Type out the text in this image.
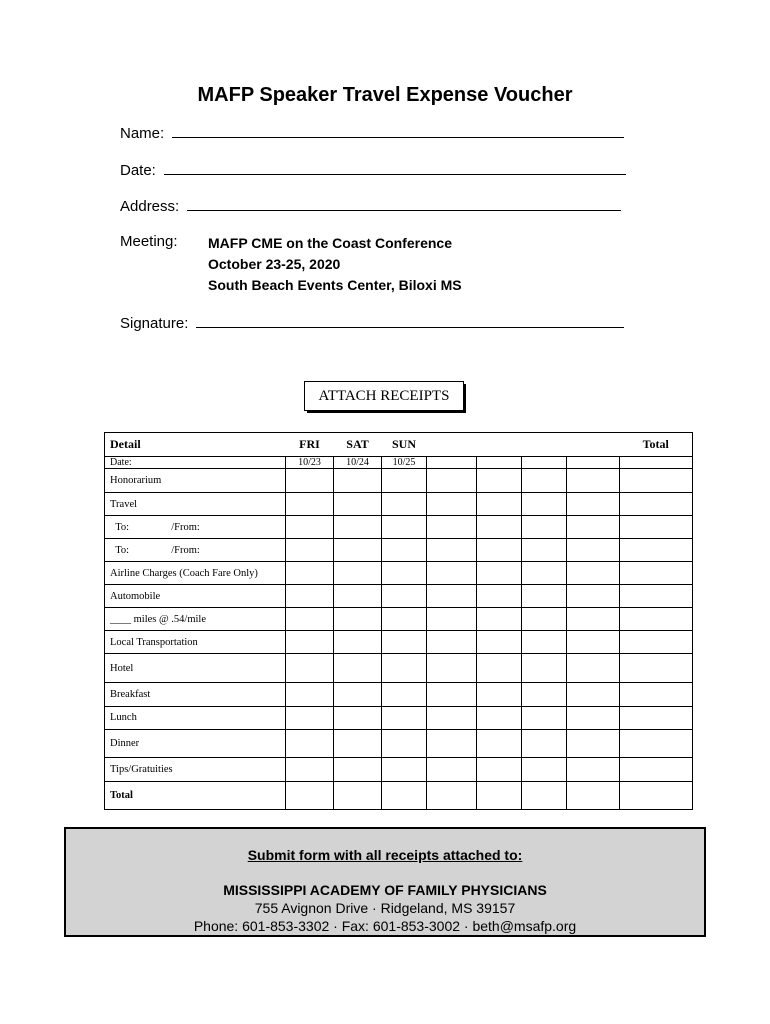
MAFP Speaker Travel Expense Voucher
Name:
Date:
Address:
Meeting: MAFP CME on the Coast Conference
October 23-25, 2020
South Beach Events Center, Biloxi MS
Signature:
ATTACH RECEIPTS
Detail	FRI	SAT	SUN					Total
Date:	10/23	10/24	10/25					
Honorarium								
Travel								
To: /From:								
To: /From:								
Airline Charges (Coach Fare Only)								
Automobile								
____ miles @ .54/mile								
Local Transportation								
Hotel								
Breakfast								
Lunch								
Dinner								
Tips/Gratuities								
Total								
Submit form with all receipts attached to:
MISSISSIPPI ACADEMY OF FAMILY PHYSICIANS
755 Avignon Drive · Ridgeland, MS 39157
Phone: 601-853-3302 · Fax: 601-853-3002 · beth@msafp.org
